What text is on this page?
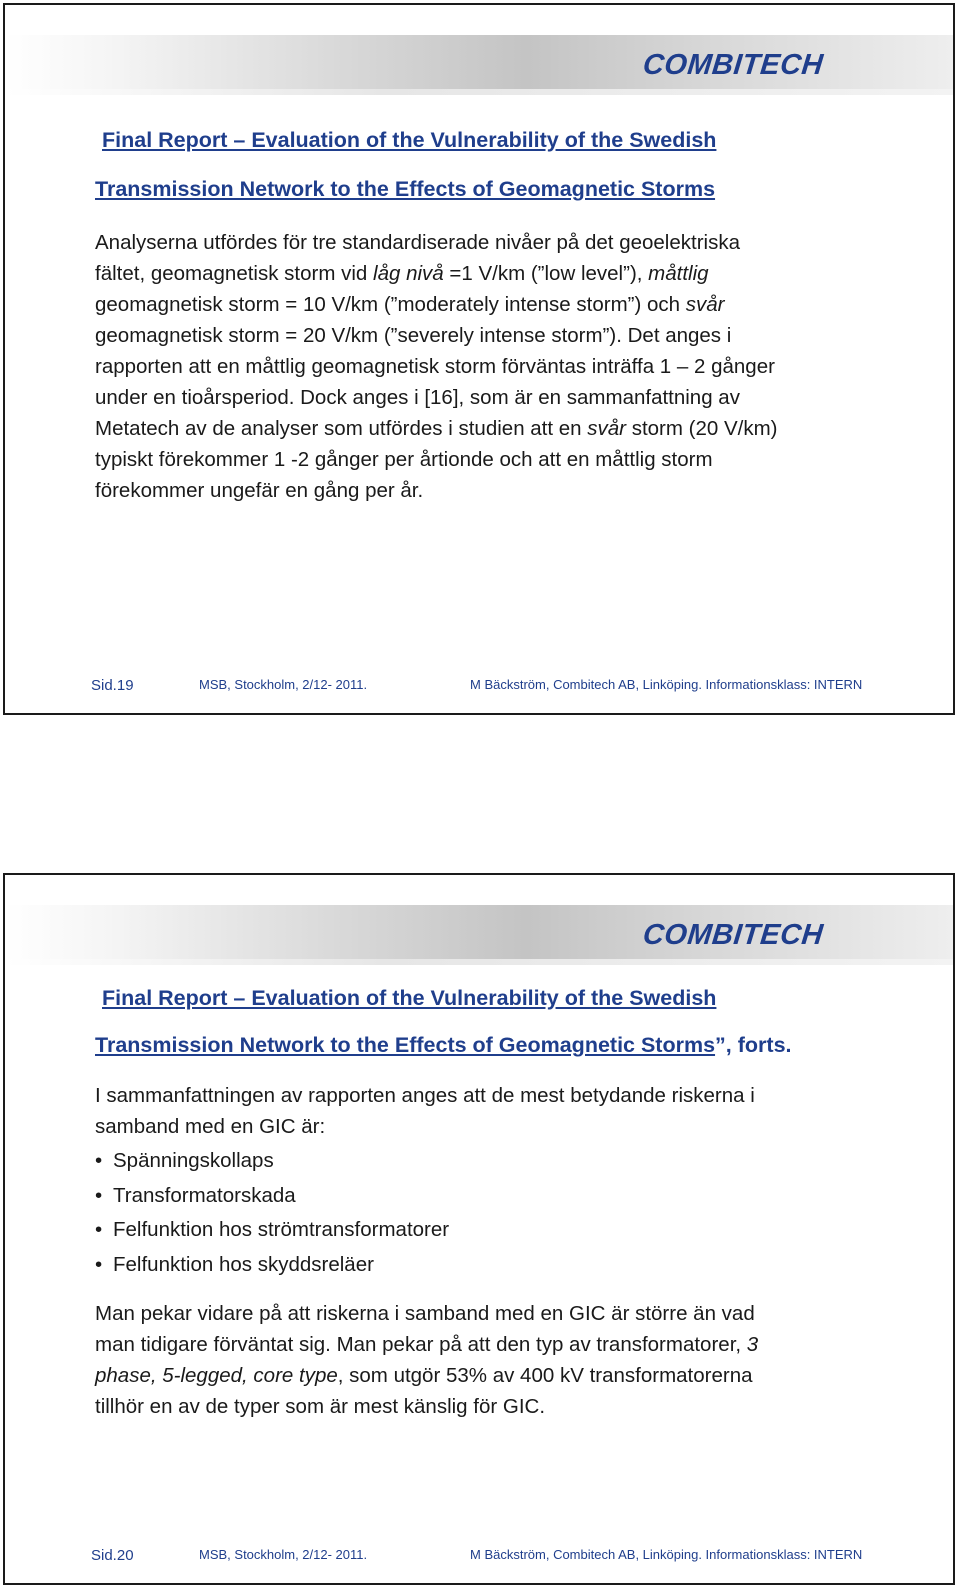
COMBITECH
Final Report – Evaluation of the Vulnerability of the Swedish
Transmission Network to the Effects of Geomagnetic Storms

Analyserna utfördes för tre standardiserade nivåer på det geoelektriska fältet, geomagnetisk storm vid låg nivå =1 V/km (”low level”), måttlig geomagnetisk storm = 10 V/km (”moderately intense storm”) och svår geomagnetisk storm = 20 V/km (”severely intense storm”). Det anges i rapporten att en måttlig geomagnetisk storm förväntas inträffa 1 – 2 gånger under en tioårsperiod. Dock anges i [16], som är en sammanfattning av Metatech av de analyser som utfördes i studien att en svår storm (20 V/km) typiskt förekommer 1 -2 gånger per årtionde och att en måttlig storm förekommer ungefär en gång per år.

Sid.19	MSB, Stockholm, 2/12- 2011.	M Bäckström, Combitech AB, Linköping. Informationsklass: INTERN
COMBITECH
Final Report – Evaluation of the Vulnerability of the Swedish
Transmission Network to the Effects of Geomagnetic Storms”, forts.

I sammanfattningen av rapporten anges att de mest betydande riskerna i samband med en GIC är:

• Spänningskollaps
• Transformatorskada
• Felfunktion hos strömtransformatorer
• Felfunktion hos skyddsreläer

Man pekar vidare på att riskerna i samband med en GIC är större än vad man tidigare förväntat sig. Man pekar på att den typ av transformatorer, 3 phase, 5-legged, core type, som utgör 53% av 400 kV transformatorerna tillhör en av de typer som är mest känslig för GIC.

Sid.20	MSB, Stockholm, 2/12- 2011.	M Bäckström, Combitech AB, Linköping. Informationsklass: INTERN
